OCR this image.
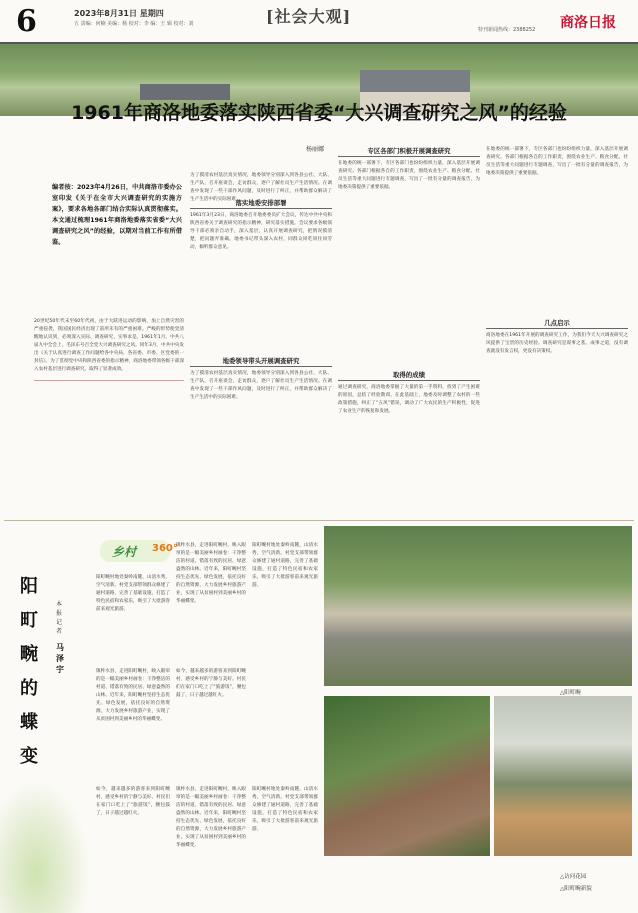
6	2023年8月31日 星期四
五 责编：何楠 美编：杨 校对：李 编：王 辑 校对：刘	[社会大观]
特刊新闻热线：2388252 商洛日报
1961年商洛地委落实陕西省委“大兴调查研究之风”的经验
杨丽娜
编者按：2023年4月26日，中共商洛市委办公室印发《关于在全市大兴调查研究的实施方案》，要求各地各部门结合实际认真贯彻落实。本文通过梳理1961年商洛地委落实省委“大兴调查研究之风”的经验，以期对当前工作有所借鉴。
20世纪50年代末至60年代初，由于大跃进运动的影响，加上自然灾害的严重侵袭，我国国民经济出现了前所未有的严重困难。严峻的形势使党清醒地认识到，必须深入实际、调查研究、实事求是。1961年1月，中共八届九中全会上，毛泽东号召全党大兴调查研究之风。同年3月，中共中央发出《关于认真进行调查工作问题给各中央局，各省委、市委、区党委的一封信》。为了贯彻党中央和陕西省委的指示精神，商洛地委带领各级干部深入农村基层进行调查研究，取得了显著成效。
为了摸清农村基层真实情况，地委领导分别深入到各县公社、大队、生产队，召开座谈会，走访群众，逐户了解社员生产生活情况。在调查中发现了一些干部作风问题，及时进行了纠正，并帮助群众解决了生产生活中的实际困难。
落实地委安排部署
1961年3月23日，商洛地委召开地委委员扩大会议，传达中共中央和陕西省委关于调查研究的指示精神，研究落实措施。会议要求各级领导干部必须亲自动手，深入基层，认真开展调查研究，把情况摸清楚，把问题弄准确。地委书记带头深入农村，同群众同吃同住同劳动，倾听群众意见。
地委领导带头开展调查研究
为了摸清农村基层真实情况，地委领导分别深入到各县公社、大队、生产队，召开座谈会，走访群众，逐户了解社员生产生活情况。在调查中发现了一些干部作风问题，及时进行了纠正，并帮助群众解决了生产生活中的实际困难。
专区各部门积极开展调查研究
在地委的统一部署下，专区各部门也纷纷组织力量，深入基层开展调查研究。各部门根据各自的工作职责，围绕农业生产、粮食分配、社员生活等重大问题进行专题调查，写出了一批有分量的调查报告，为地委决策提供了重要依据。
取得的成绩
通过调查研究，商洛地委掌握了大量的第一手资料，找到了产生困难的原因，总结了经验教训。在此基础上，地委及时调整了农村的一些政策措施，纠正了“五风”错误，调动了广大农民的生产积极性，促进了农业生产的恢复和发展。
在地委的统一部署下，专区各部门也纷纷组织力量，深入基层开展调查研究。各部门根据各自的工作职责，围绕农业生产、粮食分配、社员生活等重大问题进行专题调查，写出了一批有分量的调查报告，为地委决策提供了重要依据。
几点启示
商洛地委在1961年开展的调查研究工作，为我们今天大兴调查研究之风提供了宝贵的历史经验。调查研究是谋事之基、成事之道，没有调查就没有发言权，更没有决策权。
乡村 360°
阳町畹的蝶变
本报记者
马泽宇
镇柞水县，走进阳町畹村，映入眼帘的是一幅美丽乡村画卷：干净整洁的村道、错落有致的民居、绿意盎然的山林。近年来，阳町畹村坚持生态优先、绿色发展，依托良好的自然资源，大力发展乡村旅游产业，实现了从贫困村到美丽乡村的华丽蝶变。
阳町畹村地处秦岭南麓，山清水秀，空气清新。村党支部带领群众修建了通村道路，完善了基础设施，打造了特色民宿和农家乐，吸引了大批游客前来观光旅游。
镇柞水县，走进阳町畹村，映入眼帘的是一幅美丽乡村画卷：干净整洁的村道、错落有致的民居、绿意盎然的山林。近年来，阳町畹村坚持生态优先、绿色发展，依托良好的自然资源，大力发展乡村旅游产业，实现了从贫困村到美丽乡村的华丽蝶变。
如今，越来越多的游客来到阳町畹村，感受乡村的宁静与美好。村民们在家门口吃上了“旅游饭”，腰包鼓了，日子越过越红火。
阳町畹村地处秦岭南麓，山清水秀，空气清新。村党支部带领群众修建了通村道路，完善了基础设施，打造了特色民宿和农家乐，吸引了大批游客前来观光旅游。
如今，越来越多的游客来到阳町畹村，感受乡村的宁静与美好。村民们在家门口吃上了“旅游饭”，腰包鼓了，日子越过越红火。
镇柞水县，走进阳町畹村，映入眼帘的是一幅美丽乡村画卷：干净整洁的村道、错落有致的民居、绿意盎然的山林。近年来，阳町畹村坚持生态优先、绿色发展，依托良好的自然资源，大力发展乡村旅游产业，实现了从贫困村到美丽乡村的华丽蝶变。
阳町畹村地处秦岭南麓，山清水秀，空气清新。村党支部带领群众修建了通村道路，完善了基础设施，打造了特色民宿和农家乐，吸引了大批游客前来观光旅游。
△阳町畹
△访问花园
△阳町畹新貌
